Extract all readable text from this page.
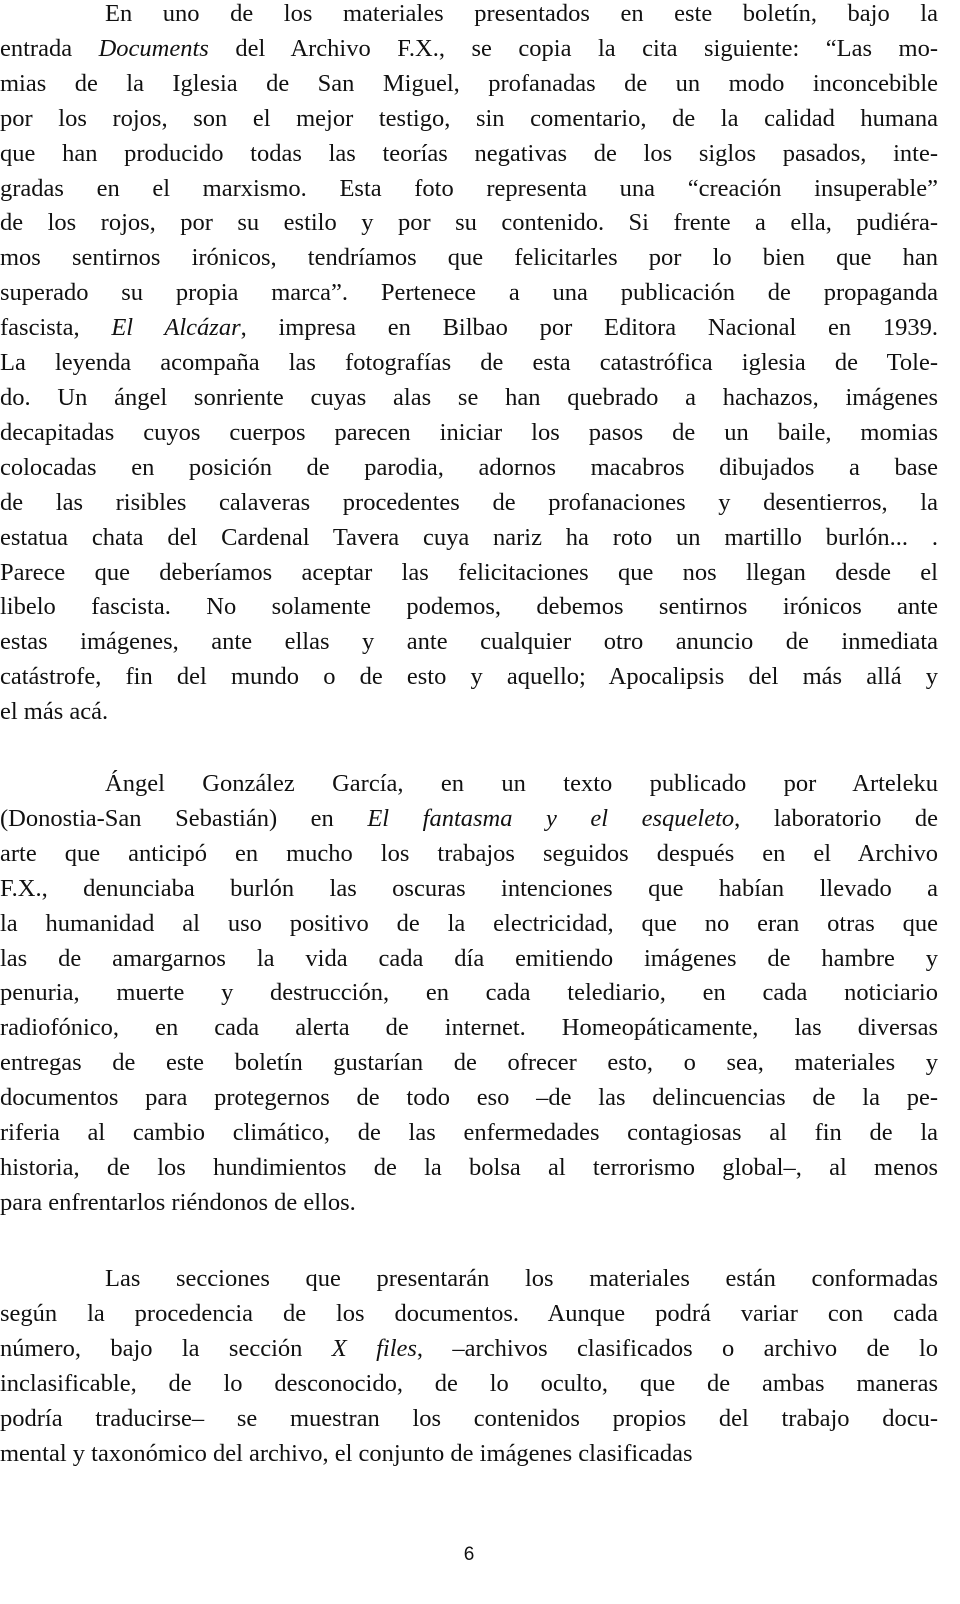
En uno de los materiales presentados en este boletín, bajo la
entrada Documents del Archivo F.X., se copia la cita siguiente: “Las mo-
mias de la Iglesia de San Miguel, profanadas de un modo inconcebible
por los rojos, son el mejor testigo, sin comentario, de la calidad humana
que han producido todas las teorías negativas de los siglos pasados, inte-
gradas en el marxismo. Esta foto representa una “creación insuperable”
de los rojos, por su estilo y por su contenido. Si frente a ella, pudiéra-
mos sentirnos irónicos, tendríamos que felicitarles por lo bien que han
superado su propia marca”. Pertenece a una publicación de propaganda
fascista, El Alcázar, impresa en Bilbao por Editora Nacional en 1939.
La leyenda acompaña las fotografías de esta catastrófica iglesia de Tole-
do. Un ángel sonriente cuyas alas se han quebrado a hachazos, imágenes
decapitadas cuyos cuerpos parecen iniciar los pasos de un baile, momias
colocadas en posición de parodia, adornos macabros dibujados a base
de las risibles calaveras procedentes de profanaciones y desentierros, la
estatua chata del Cardenal Tavera cuya nariz ha roto un martillo burlón... .
Parece que deberíamos aceptar las felicitaciones que nos llegan desde el
libelo fascista. No solamente podemos, debemos sentirnos irónicos ante
estas imágenes, ante ellas y ante cualquier otro anuncio de inmediata
catástrofe, fin del mundo o de esto y aquello; Apocalipsis del más allá y
el más acá.
Ángel González García, en un texto publicado por Arteleku
(Donostia-San Sebastián) en El fantasma y el esqueleto, laboratorio de
arte que anticipó en mucho los trabajos seguidos después en el Archivo
F.X., denunciaba burlón las oscuras intenciones que habían llevado a
la humanidad al uso positivo de la electricidad, que no eran otras que
las de amargarnos la vida cada día emitiendo imágenes de hambre y
penuria, muerte y destrucción, en cada telediario, en cada noticiario
radiofónico, en cada alerta de internet. Homeopáticamente, las diversas
entregas de este boletín gustarían de ofrecer esto, o sea, materiales y
documentos para protegernos de todo eso –de las delincuencias de la pe-
riferia al cambio climático, de las enfermedades contagiosas al fin de la
historia, de los hundimientos de la bolsa al terrorismo global–, al menos
para enfrentarlos riéndonos de ellos.
Las secciones que presentarán los materiales están conformadas
según la procedencia de los documentos. Aunque podrá variar con cada
número, bajo la sección X files, –archivos clasificados o archivo de lo
inclasificable, de lo desconocido, de lo oculto, que de ambas maneras
podría traducirse– se muestran los contenidos propios del trabajo docu-
mental y taxonómico del archivo, el conjunto de imágenes clasificadas
6
